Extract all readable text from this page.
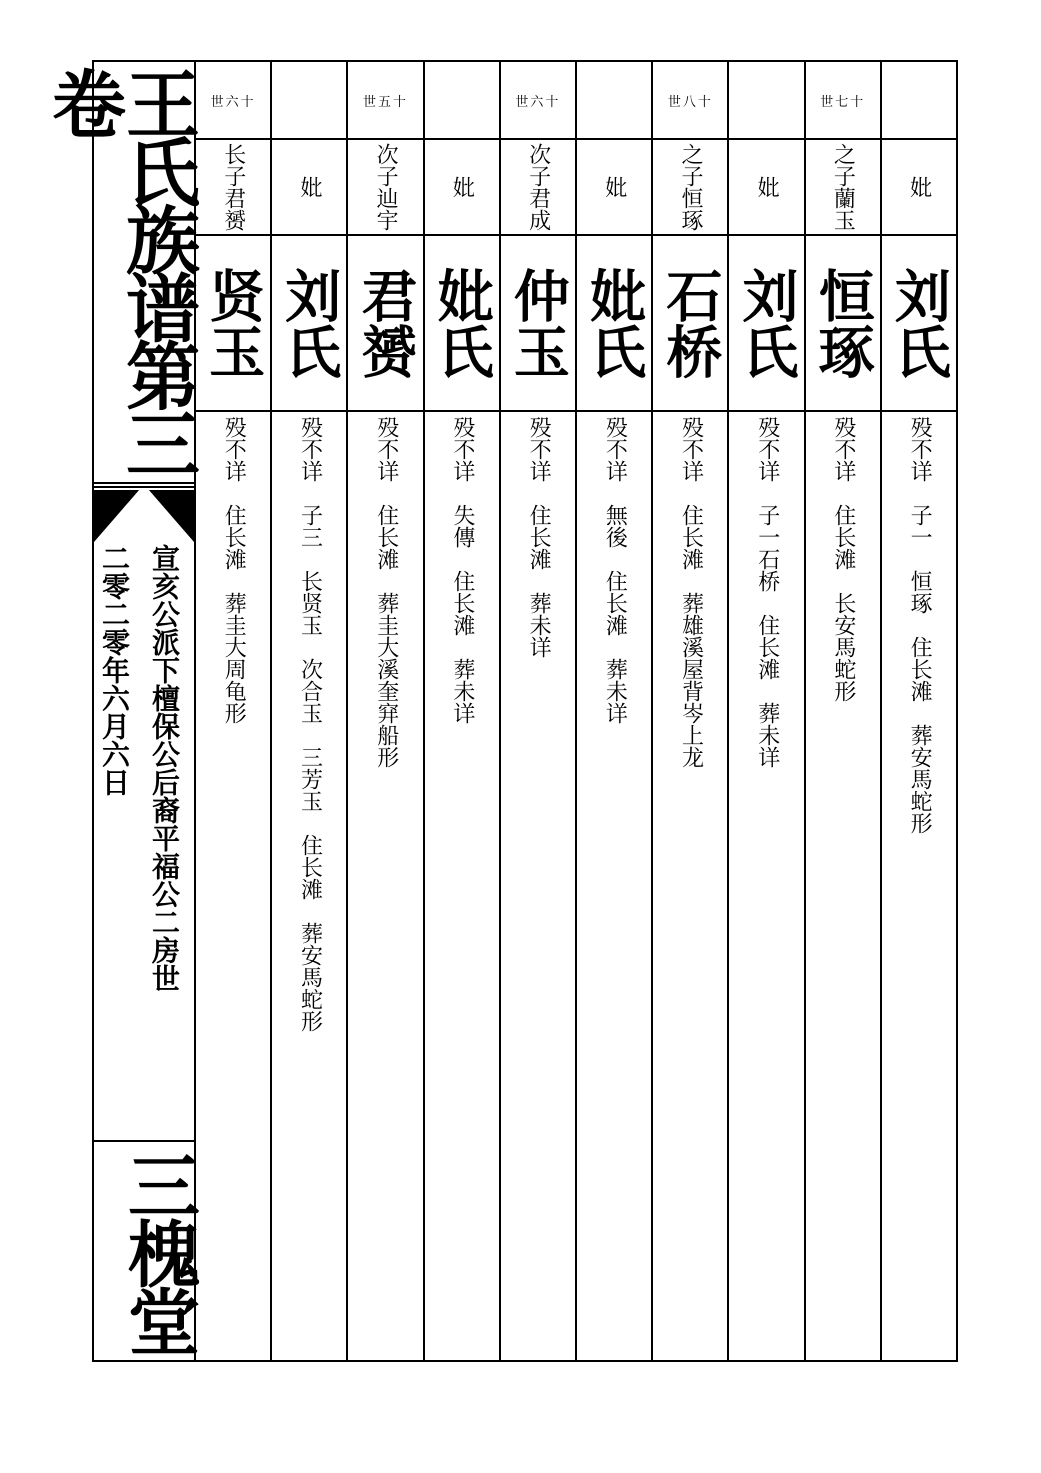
王氏族谱第三卷
宣亥公派下檀保公后裔平福公二房世
二零二零年六月六日
三槐堂
世六十
长子君赟
贤玉
殁不详　住长滩　葬圭大周龟形
妣
刘氏
殁不详　子三　长贤玉　次合玉　三芳玉　住长滩　葬安馬蛇形
世五十
次子辿宇
君赟
殁不详　住长滩　葬圭大溪奎穽船形
妣
妣氏
殁不详　失傳　住长滩　葬未详
世六十
次子君成
仲玉
殁不详　住长滩　葬未详
妣
妣氏
殁不详　無後　住长滩　葬未详
世八十
之子恒琢
石桥
殁不详　住长滩　葬雄溪屋背岑上龙
妣
刘氏
殁不详　子一石桥　住长滩　葬未详
世七十
之子蘭玉
恒琢
殁不详　住长滩　长安馬蛇形
妣
刘氏
殁不详　子一　恒琢　住长滩　葬安馬蛇形
